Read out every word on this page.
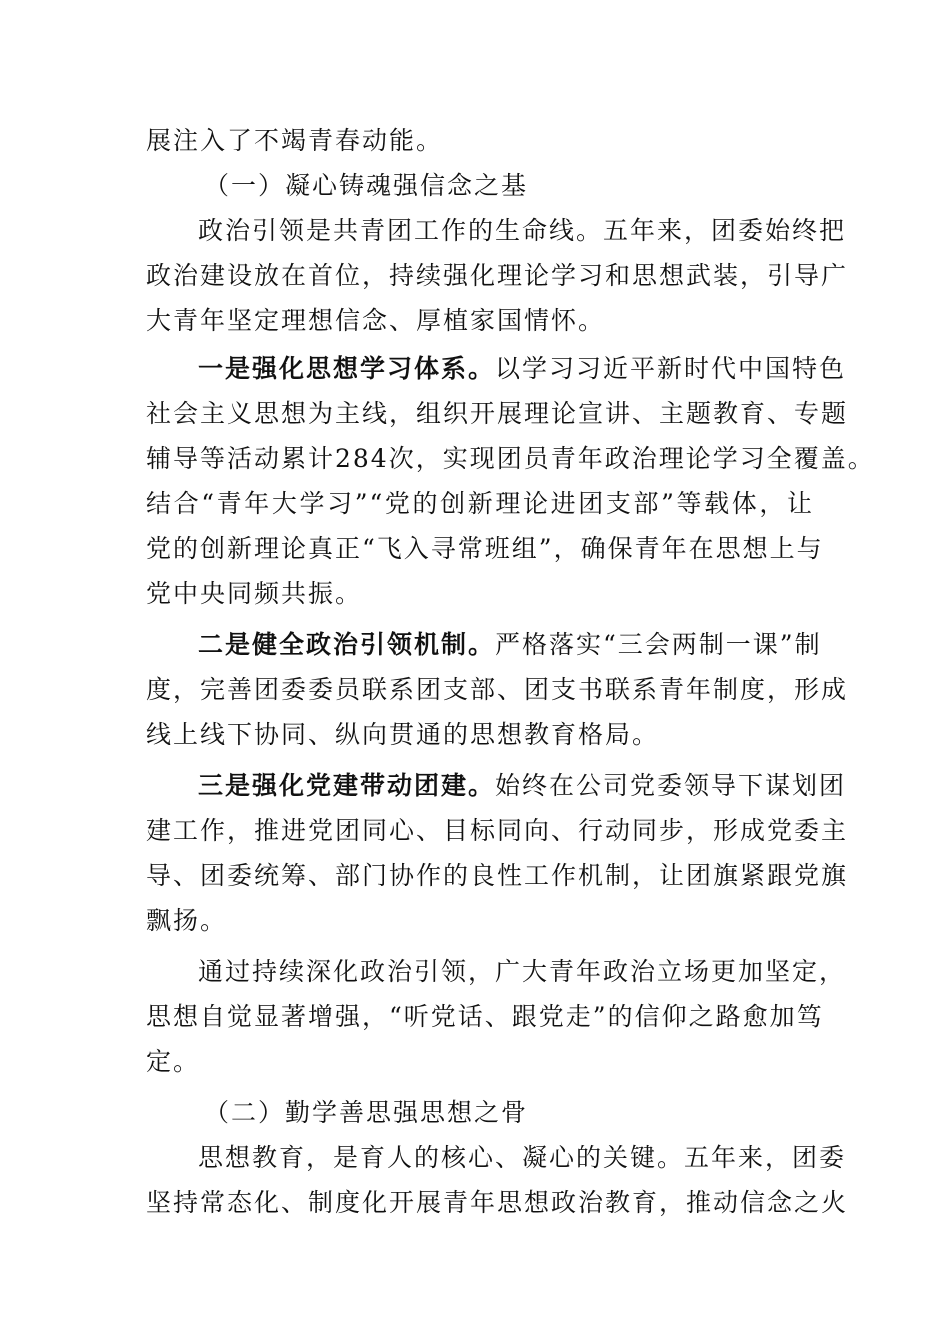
展注入了不竭青春动能。
（一）凝心铸魂强信念之基
政治引领是共青团工作的生命线。五年来，团委始终把
政治建设放在首位，持续强化理论学习和思想武装，引导广
大青年坚定理想信念、厚植家国情怀。
一是强化思想学习体系。以学习习近平新时代中国特色
社会主义思想为主线，组织开展理论宣讲、主题教育、专题
辅导等活动累计284次，实现团员青年政治理论学习全覆盖。
结合“青年大学习”“党的创新理论进团支部”等载体，让
党的创新理论真正“飞入寻常班组”，确保青年在思想上与
党中央同频共振。
二是健全政治引领机制。严格落实“三会两制一课”制
度，完善团委委员联系团支部、团支书联系青年制度，形成
线上线下协同、纵向贯通的思想教育格局。
三是强化党建带动团建。始终在公司党委领导下谋划团
建工作，推进党团同心、目标同向、行动同步，形成党委主
导、团委统筹、部门协作的良性工作机制，让团旗紧跟党旗
飘扬。
通过持续深化政治引领，广大青年政治立场更加坚定，
思想自觉显著增强，“听党话、跟党走”的信仰之路愈加笃
定。
（二）勤学善思强思想之骨
思想教育，是育人的核心、凝心的关键。五年来，团委
坚持常态化、制度化开展青年思想政治教育，推动信念之火
